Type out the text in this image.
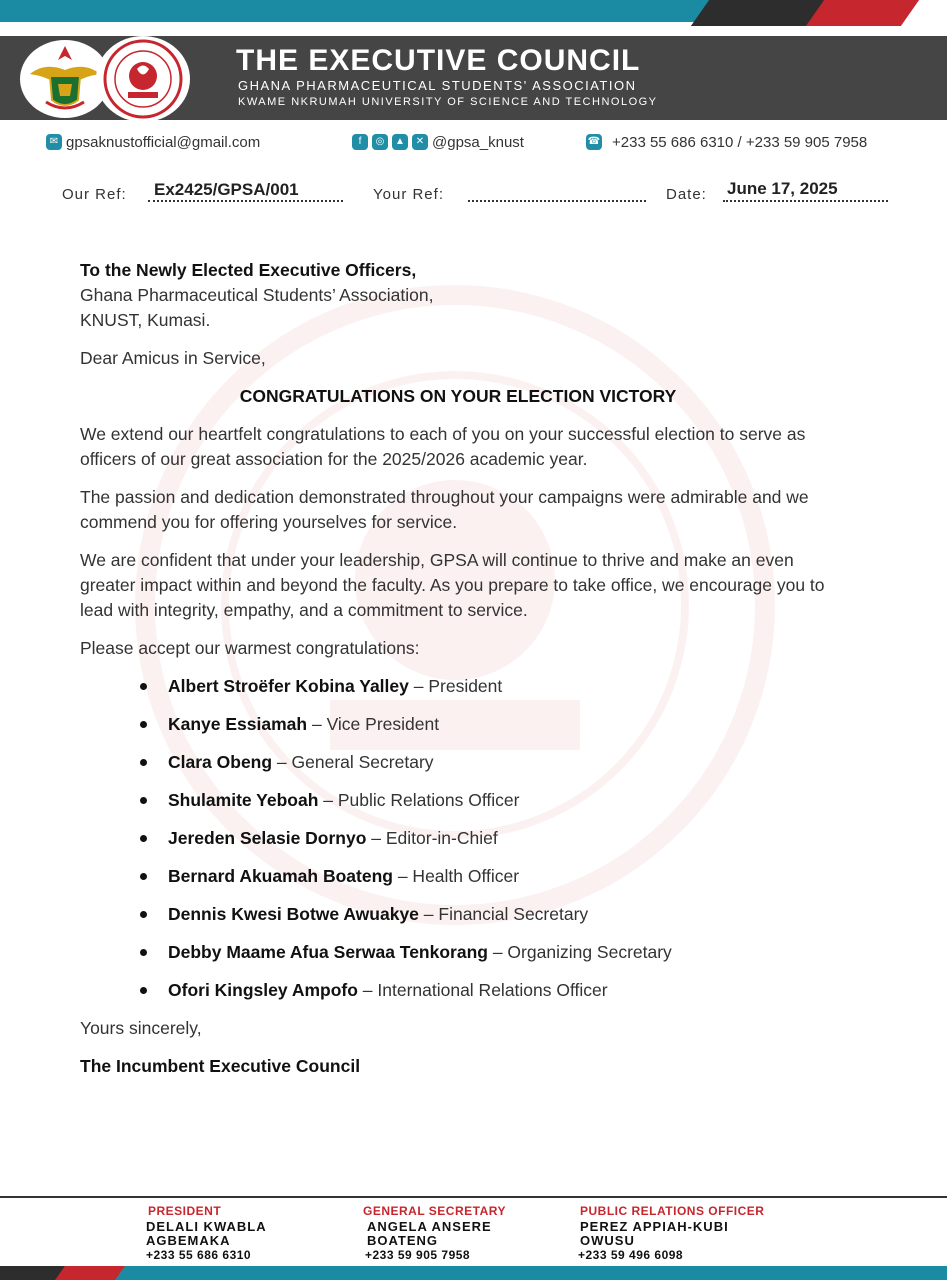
THE EXECUTIVE COUNCIL
GHANA PHARMACEUTICAL STUDENTS' ASSOCIATION
KWAME NKRUMAH UNIVERSITY OF SCIENCE AND TECHNOLOGY
✉ gpsaknustofficial@gmail.com	f	◎	▲	✕ @gpsa_knust	☎ +233 55 686 6310 / +233 59 905 7958
Our Ref: Ex2425/GPSA/001	Your Ref:	Date: June 17, 2025
To the Newly Elected Executive Officers,
Ghana Pharmaceutical Students’ Association,
KNUST, Kumasi.
Dear Amicus in Service,
CONGRATULATIONS ON YOUR ELECTION VICTORY
We extend our heartfelt congratulations to each of you on your successful election to serve as officers of our great association for the 2025/2026 academic year.
The passion and dedication demonstrated throughout your campaigns were admirable and we commend you for offering yourselves for service.
We are confident that under your leadership, GPSA will continue to thrive and make an even greater impact within and beyond the faculty. As you prepare to take office, we encourage you to lead with integrity, empathy, and a commitment to service.
Please accept our warmest congratulations:
Albert Stroëfer Kobina Yalley – President
Kanye Essiamah – Vice President
Clara Obeng – General Secretary
Shulamite Yeboah – Public Relations Officer
Jereden Selasie Dornyo – Editor-in-Chief
Bernard Akuamah Boateng – Health Officer
Dennis Kwesi Botwe Awuakye – Financial Secretary
Debby Maame Afua Serwaa Tenkorang – Organizing Secretary
Ofori Kingsley Ampofo – International Relations Officer
Yours sincerely,
The Incumbent Executive Council
PRESIDENT
DELALI KWABLA
AGBEMAKA
+233 55 686 6310
GENERAL SECRETARY
ANGELA ANSERE
BOATENG
+233 59 905 7958
PUBLIC RELATIONS OFFICER
PEREZ APPIAH-KUBI
OWUSU
+233 59 496 6098
